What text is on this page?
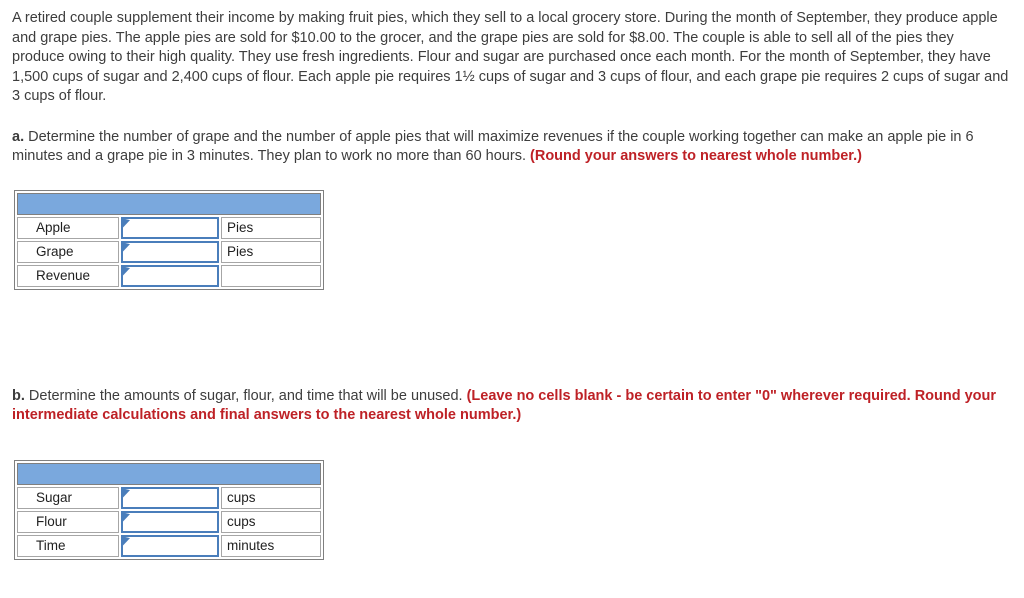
A retired couple supplement their income by making fruit pies, which they sell to a local grocery store. During the month of September, they produce apple and grape pies. The apple pies are sold for $10.00 to the grocer, and the grape pies are sold for $8.00. The couple is able to sell all of the pies they produce owing to their high quality. They use fresh ingredients. Flour and sugar are purchased once each month. For the month of September, they have 1,500 cups of sugar and 2,400 cups of flour. Each apple pie requires 1½ cups of sugar and 3 cups of flour, and each grape pie requires 2 cups of sugar and 3 cups of flour.

a. Determine the number of grape and the number of apple pies that will maximize revenues if the couple working together can make an apple pie in 6 minutes and a grape pie in 3 minutes. They plan to work no more than 60 hours. (Round your answers to nearest whole number.)

Apple		Pies
Grape		Pies
Revenue	

b. Determine the amounts of sugar, flour, and time that will be unused. (Leave no cells blank - be certain to enter "0" wherever required. Round your intermediate calculations and final answers to the nearest whole number.)

Sugar		cups
Flour		cups
Time		minutes
